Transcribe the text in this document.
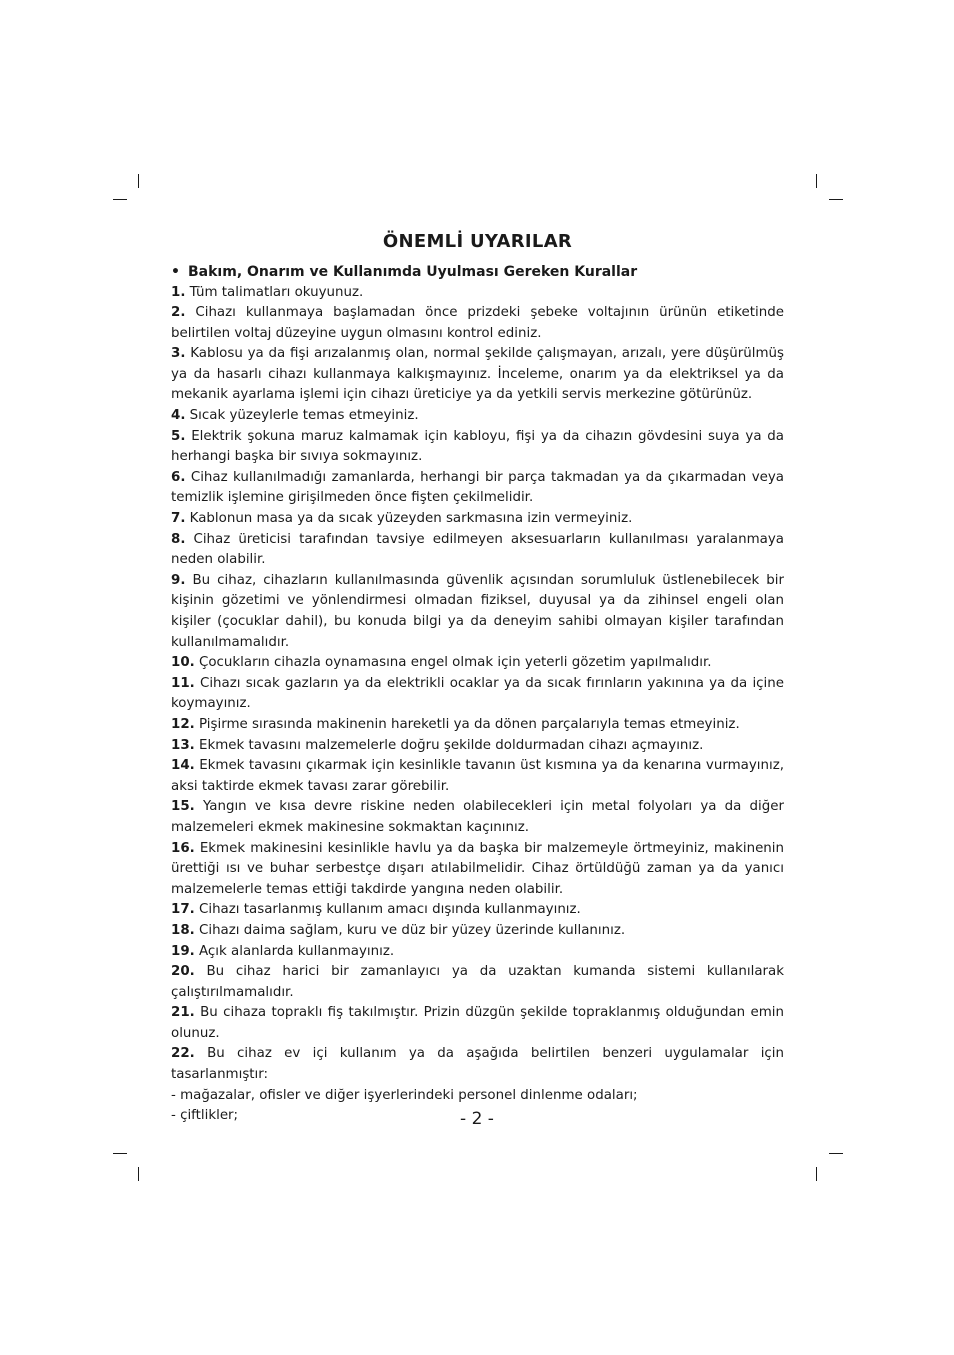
ÖNEMLİ UYARILAR
• Bakım, Onarım ve Kullanımda Uyulması Gereken Kurallar

1. Tüm talimatları okuyunuz.

2. Cihazı kullanmaya başlamadan önce prizdeki şebeke voltajının ürünün etiketinde belirtilen voltaj düzeyine uygun olmasını kontrol ediniz.

3. Kablosu ya da fişi arızalanmış olan, normal şekilde çalışmayan, arızalı, yere düşürülmüş ya da hasarlı cihazı kullanmaya kalkışmayınız. İnceleme, onarım ya da elektriksel ya da mekanik ayarlama işlemi için cihazı üreticiye ya da yetkili servis merkezine götürünüz.

4. Sıcak yüzeylerle temas etmeyiniz.

5. Elektrik şokuna maruz kalmamak için kabloyu, fişi ya da cihazın gövdesini suya ya da herhangi başka bir sıvıya sokmayınız.

6. Cihaz kullanılmadığı zamanlarda, herhangi bir parça takmadan ya da çıkarmadan veya temizlik işlemine girişilmeden önce fişten çekilmelidir.

7. Kablonun masa ya da sıcak yüzeyden sarkmasına izin vermeyiniz.

8. Cihaz üreticisi tarafından tavsiye edilmeyen aksesuarların kullanılması yaralanmaya neden olabilir.

9. Bu cihaz, cihazların kullanılmasında güvenlik açısından sorumluluk üstlenebilecek bir kişinin gözetimi ve yönlendirmesi olmadan fiziksel, duyusal ya da zihinsel engeli olan kişiler (çocuklar dahil), bu konuda bilgi ya da deneyim sahibi olmayan kişiler tarafından kullanılmamalıdır.

10. Çocukların cihazla oynamasına engel olmak için yeterli gözetim yapılmalıdır.

11. Cihazı sıcak gazların ya da elektrikli ocaklar ya da sıcak fırınların yakınına ya da içine koymayınız.

12. Pişirme sırasında makinenin hareketli ya da dönen parçalarıyla temas etmeyiniz.

13. Ekmek tavasını malzemelerle doğru şekilde doldurmadan cihazı açmayınız.

14. Ekmek tavasını çıkarmak için kesinlikle tavanın üst kısmına ya da kenarına vurmayınız, aksi taktirde ekmek tavası zarar görebilir.

15. Yangın ve kısa devre riskine neden olabilecekleri için metal folyoları ya da diğer malzemeleri ekmek makinesine sokmaktan kaçınınız.

16. Ekmek makinesini kesinlikle havlu ya da başka bir malzemeyle örtmeyiniz, makinenin ürettiği ısı ve buhar serbestçe dışarı atılabilmelidir. Cihaz örtüldüğü zaman ya da yanıcı malzemelerle temas ettiği takdirde yangına neden olabilir.

17. Cihazı tasarlanmış kullanım amacı dışında kullanmayınız.

18. Cihazı daima sağlam, kuru ve düz bir yüzey üzerinde kullanınız.

19. Açık alanlarda kullanmayınız.

20. Bu cihaz harici bir zamanlayıcı ya da uzaktan kumanda sistemi kullanılarak çalıştırılmamalıdır.

21. Bu cihaza topraklı fiş takılmıştır. Prizin düzgün şekilde topraklanmış olduğundan emin olunuz.

22. Bu cihaz ev içi kullanım ya da aşağıda belirtilen benzeri uygulamalar için tasarlanmıştır:

- mağazalar, ofisler ve diğer işyerlerindeki personel dinlenme odaları;

- çiftlikler;	- 2 -
